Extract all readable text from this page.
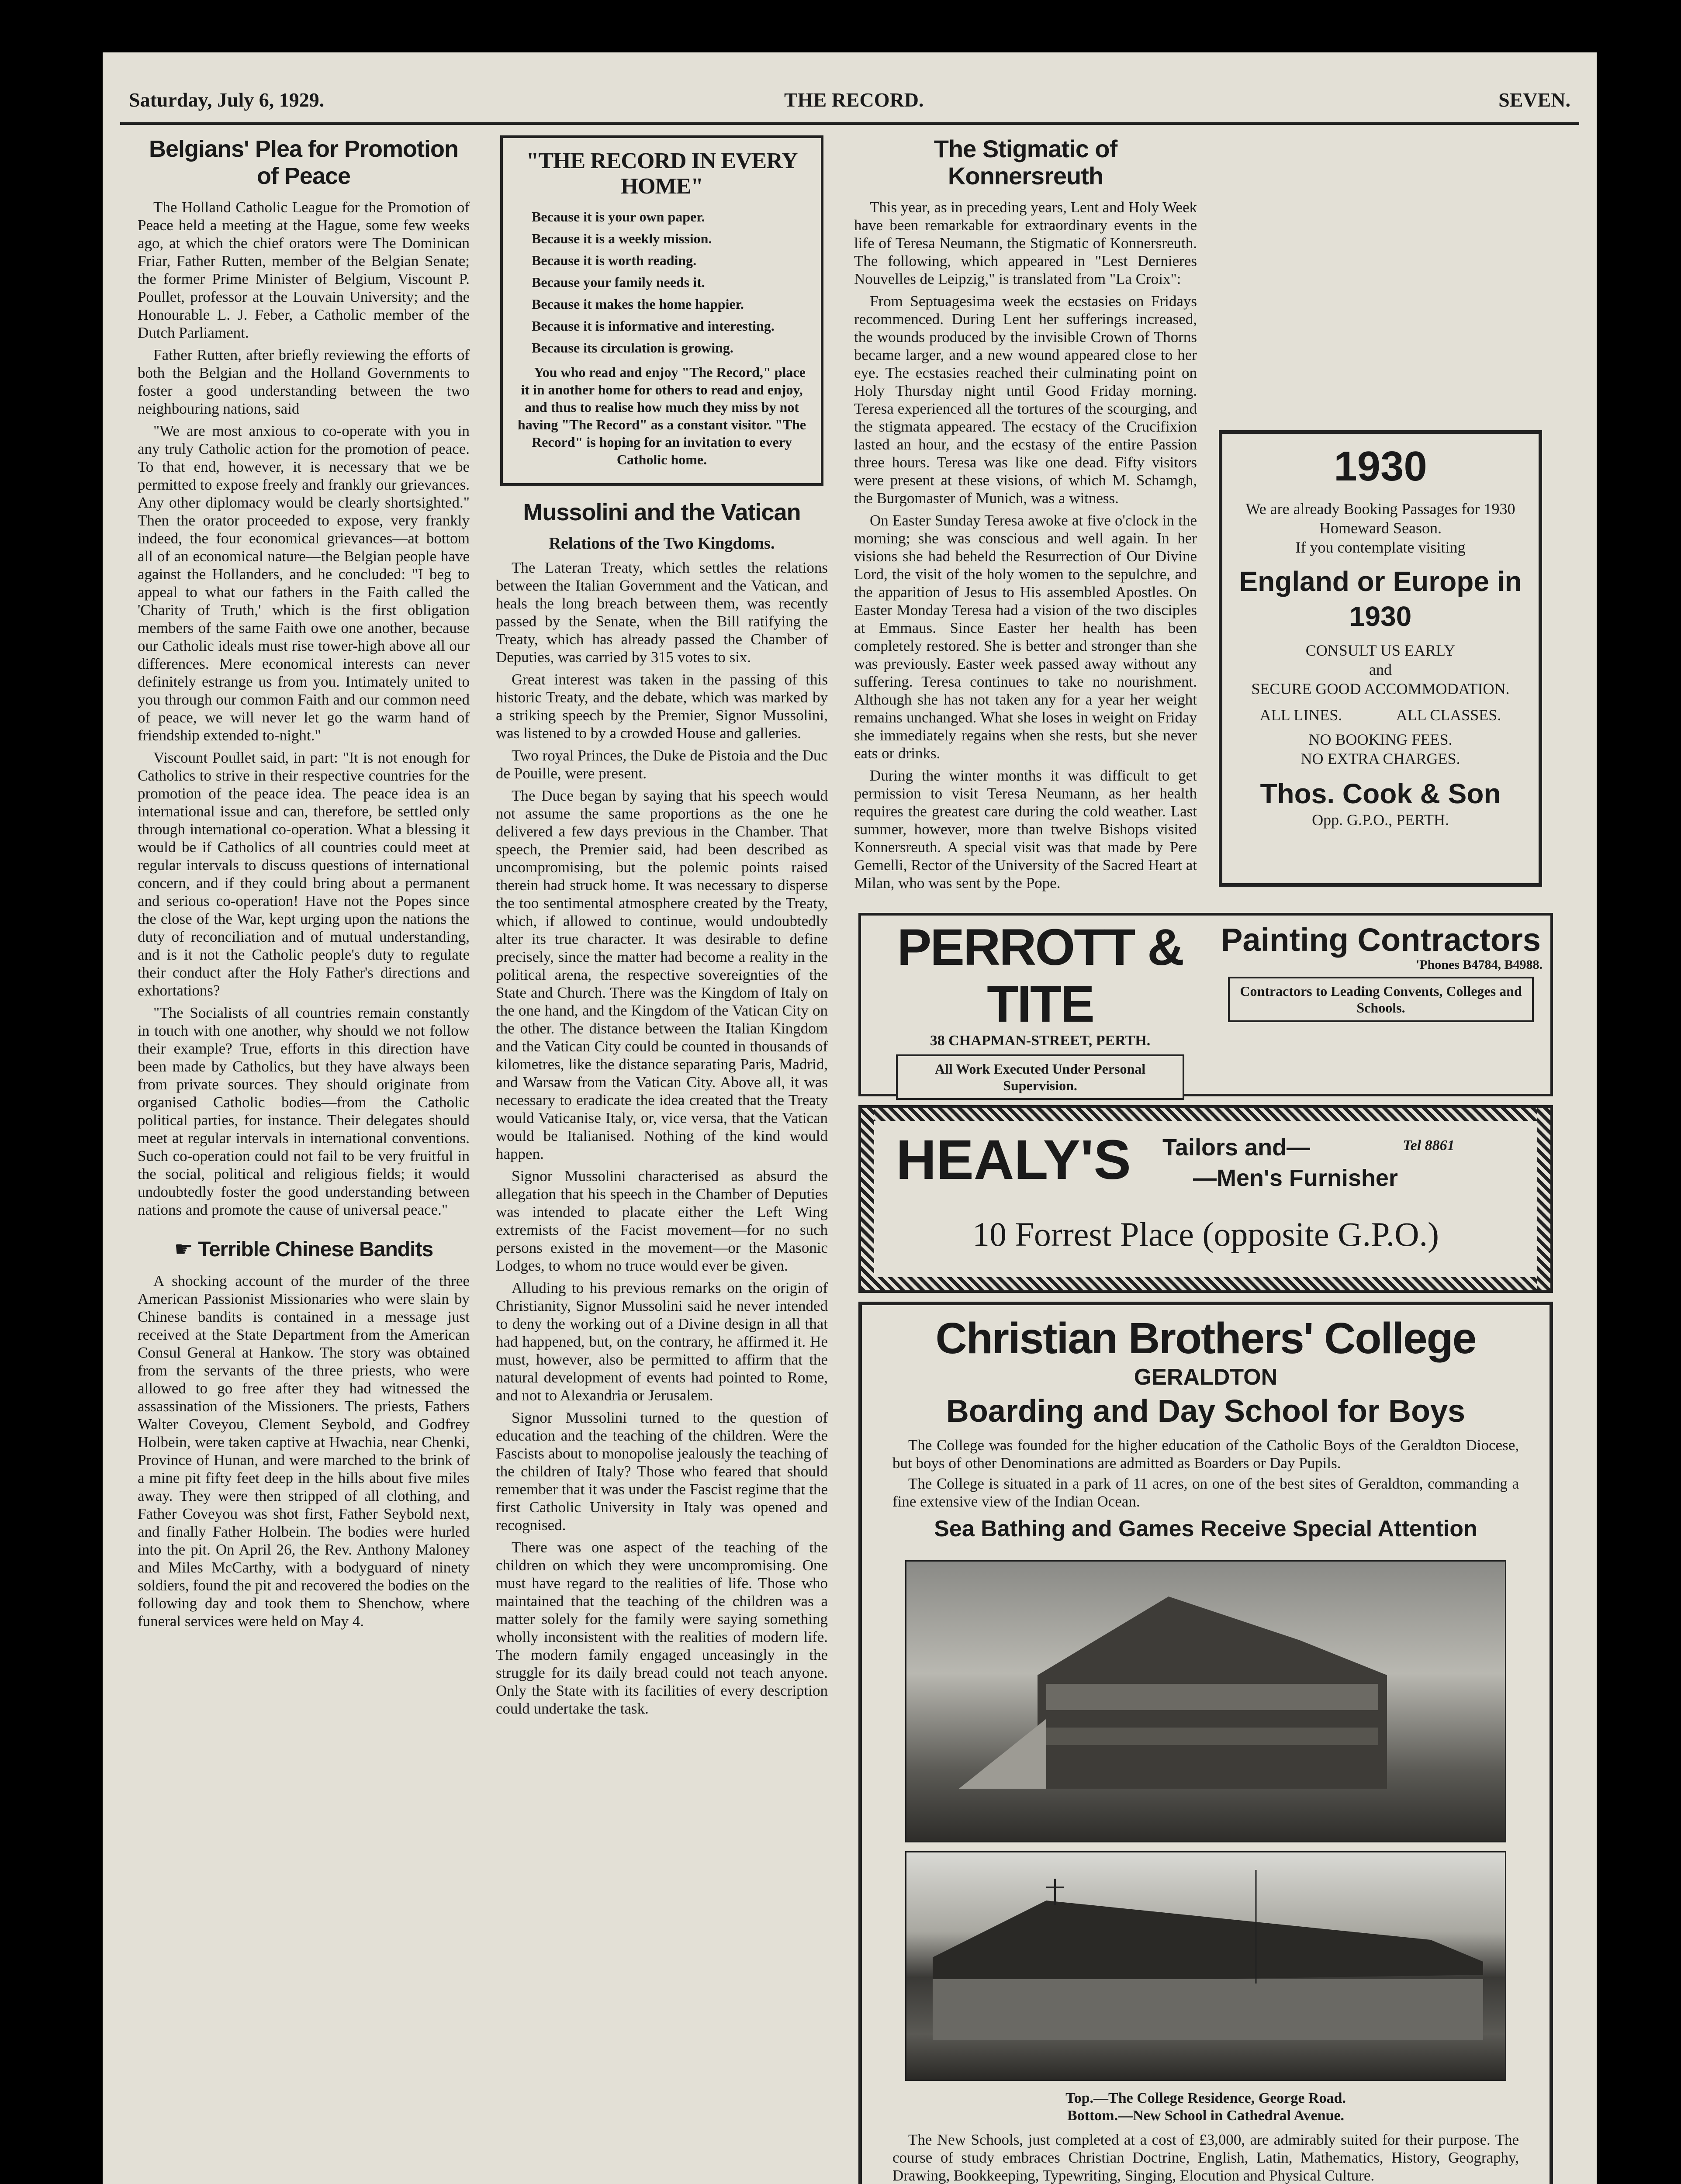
Saturday, July 6, 1929.	THE RECORD.	SEVEN.
Belgians' Plea for Promotion of Peace

The Holland Catholic League for the Promotion of Peace held a meeting at the Hague, some few weeks ago, at which the chief orators were The Dominican Friar, Father Rutten, member of the Belgian Senate; the former Prime Minister of Belgium, Viscount P. Poullet, professor at the Louvain University; and the Honourable L. J. Feber, a Catholic member of the Dutch Parliament.

Father Rutten, after briefly reviewing the efforts of both the Belgian and the Holland Governments to foster a good understanding between the two neighbouring nations, said

"We are most anxious to co-operate with you in any truly Catholic action for the promotion of peace. To that end, however, it is necessary that we be permitted to expose freely and frankly our grievances. Any other diplomacy would be clearly shortsighted." Then the orator proceeded to expose, very frankly indeed, the four economical grievances—at bottom all of an economical nature—the Belgian people have against the Hollanders, and he concluded: "I beg to appeal to what our fathers in the Faith called the 'Charity of Truth,' which is the first obligation members of the same Faith owe one another, because our Catholic ideals must rise tower-high above all our differences. Mere economical interests can never definitely estrange us from you. Intimately united to you through our common Faith and our common need of peace, we will never let go the warm hand of friendship extended to-night."

Viscount Poullet said, in part: "It is not enough for Catholics to strive in their respective countries for the promotion of the peace idea. The peace idea is an international issue and can, therefore, be settled only through international co-operation. What a blessing it would be if Catholics of all countries could meet at regular intervals to discuss questions of international concern, and if they could bring about a permanent and serious co-operation! Have not the Popes since the close of the War, kept urging upon the nations the duty of reconciliation and of mutual understanding, and is it not the Catholic people's duty to regulate their conduct after the Holy Father's directions and exhortations?

"The Socialists of all countries remain constantly in touch with one another, why should we not follow their example? True, efforts in this direction have been made by Catholics, but they have always been from private sources. They should originate from organised Catholic bodies—from the Catholic political parties, for instance. Their delegates should meet at regular intervals in international conventions. Such co-operation could not fail to be very fruitful in the social, political and religious fields; it would undoubtedly foster the good understanding between nations and promote the cause of universal peace."

☛ Terrible Chinese Bandits

A shocking account of the murder of the three American Passionist Missionaries who were slain by Chinese bandits is contained in a message just received at the State Department from the American Consul General at Hankow. The story was obtained from the servants of the three priests, who were allowed to go free after they had witnessed the assassination of the Missioners. The priests, Fathers Walter Coveyou, Clement Seybold, and Godfrey Holbein, were taken captive at Hwachia, near Chenki, Province of Hunan, and were marched to the brink of a mine pit fifty feet deep in the hills about five miles away. They were then stripped of all clothing, and Father Coveyou was shot first, Father Seybold next, and finally Father Holbein. The bodies were hurled into the pit. On April 26, the Rev. Anthony Maloney and Miles McCarthy, with a bodyguard of ninety soldiers, found the pit and recovered the bodies on the following day and took them to Shenchow, where funeral services were held on May 4.

"THE RECORD IN EVERY HOME"

Because it is your own paper.

Because it is a weekly mission.

Because it is worth reading.

Because your family needs it.

Because it makes the home happier.

Because it is informative and interesting.

Because its circulation is growing.

You who read and enjoy "The Record," place it in another home for others to read and enjoy, and thus to realise how much they miss by not having "The Record" as a constant visitor. "The Record" is hoping for an invitation to every Catholic home.

Mussolini and the Vatican
Relations of the Two Kingdoms.

The Lateran Treaty, which settles the relations between the Italian Government and the Vatican, and heals the long breach between them, was recently passed by the Senate, when the Bill ratifying the Treaty, which has already passed the Chamber of Deputies, was carried by 315 votes to six.

Great interest was taken in the passing of this historic Treaty, and the debate, which was marked by a striking speech by the Premier, Signor Mussolini, was listened to by a crowded House and galleries.

Two royal Princes, the Duke de Pistoia and the Duc de Pouille, were present.

The Duce began by saying that his speech would not assume the same proportions as the one he delivered a few days previous in the Chamber. That speech, the Premier said, had been described as uncompromising, but the polemic points raised therein had struck home. It was necessary to disperse the too sentimental atmosphere created by the Treaty, which, if allowed to continue, would undoubtedly alter its true character. It was desirable to define precisely, since the matter had become a reality in the political arena, the respective sovereignties of the State and Church. There was the Kingdom of Italy on the one hand, and the Kingdom of the Vatican City on the other. The distance between the Italian Kingdom and the Vatican City could be counted in thousands of kilometres, like the distance separating Paris, Madrid, and Warsaw from the Vatican City. Above all, it was necessary to eradicate the idea created that the Treaty would Vaticanise Italy, or, vice versa, that the Vatican would be Italianised. Nothing of the kind would happen.

Signor Mussolini characterised as absurd the allegation that his speech in the Chamber of Deputies was intended to placate either the Left Wing extremists of the Facist movement—for no such persons existed in the movement—or the Masonic Lodges, to whom no truce would ever be given.

Alluding to his previous remarks on the origin of Christianity, Signor Mussolini said he never intended to deny the working out of a Divine design in all that had happened, but, on the contrary, he affirmed it. He must, however, also be permitted to affirm that the natural development of events had pointed to Rome, and not to Alexandria or Jerusalem.

Signor Mussolini turned to the question of education and the teaching of the children. Were the Fascists about to monopolise jealously the teaching of the children of Italy? Those who feared that should remember that it was under the Fascist regime that the first Catholic University in Italy was opened and recognised.

There was one aspect of the teaching of the children on which they were uncompromising. One must have regard to the realities of life. Those who maintained that the teaching of the children was a matter solely for the family were saying something wholly inconsistent with the realities of modern life. The modern family engaged unceasingly in the struggle for its daily bread could not teach anyone. Only the State with its facilities of every description could undertake the task.

The Stigmatic of Konnersreuth

This year, as in preceding years, Lent and Holy Week have been remarkable for extraordinary events in the life of Teresa Neumann, the Stigmatic of Konnersreuth. The following, which appeared in "Lest Dernieres Nouvelles de Leipzig," is translated from "La Croix":

From Septuagesima week the ecstasies on Fridays recommenced. During Lent her sufferings increased, the wounds produced by the invisible Crown of Thorns became larger, and a new wound appeared close to her eye. The ecstasies reached their culminating point on Holy Thursday night until Good Friday morning. Teresa experienced all the tortures of the scourging, and the stigmata appeared. The ecstacy of the Crucifixion lasted an hour, and the ecstasy of the entire Passion three hours. Teresa was like one dead. Fifty visitors were present at these visions, of which M. Schamgh, the Burgomaster of Munich, was a witness.

On Easter Sunday Teresa awoke at five o'clock in the morning; she was conscious and well again. In her visions she had beheld the Resurrection of Our Divine Lord, the visit of the holy women to the sepulchre, and the apparition of Jesus to His assembled Apostles. On Easter Monday Teresa had a vision of the two disciples at Emmaus. Since Easter her health has been completely restored. She is better and stronger than she was previously. Easter week passed away without any suffering. Teresa continues to take no nourishment. Although she has not taken any for a year her weight remains unchanged. What she loses in weight on Friday she immediately regains when she rests, but she never eats or drinks.

During the winter months it was difficult to get permission to visit Teresa Neumann, as her health requires the greatest care during the cold weather. Last summer, however, more than twelve Bishops visited Konnersreuth. A special visit was that made by Pere Gemelli, Rector of the University of the Sacred Heart at Milan, who was sent by the Pope.

1930
We are already Booking Passages for 1930 Homeward Season.
If you contemplate visiting
England or Europe in 1930
CONSULT US EARLY
and
SECURE GOOD ACCOMMODATION.
ALL LINES.	ALL CLASSES.
NO BOOKING FEES.
NO EXTRA CHARGES.
Thos. Cook & Son
Opp. G.P.O., PERTH.
PERROTT & TITE
38 CHAPMAN-STREET, PERTH.
All Work Executed Under Personal Supervision.
Painting Contractors
'Phones B4784, B4988.
Contractors to Leading Convents, Colleges and Schools.
HEALY'S Tailors and—	Tel 8861
—Men's Furnisher
10 Forrest Place (opposite G.P.O.)
Christian Brothers' College
GERALDTON
Boarding and Day School for Boys

The College was founded for the higher education of the Catholic Boys of the Geraldton Diocese, but boys of other Denominations are admitted as Boarders or Day Pupils.

The College is situated in a park of 11 acres, on one of the best sites of Geraldton, commanding a fine extensive view of the Indian Ocean.

Sea Bathing and Games Receive Special Attention
Top.—The College Residence, George Road.
Bottom.—New School in Cathedral Avenue.

The New Schools, just completed at a cost of £3,000, are admirably suited for their purpose. The course of study embraces Christian Doctrine, English, Latin, Mathematics, History, Geography, Drawing, Bookkeeping, Typewriting, Singing, Elocution and Physical Culture.
